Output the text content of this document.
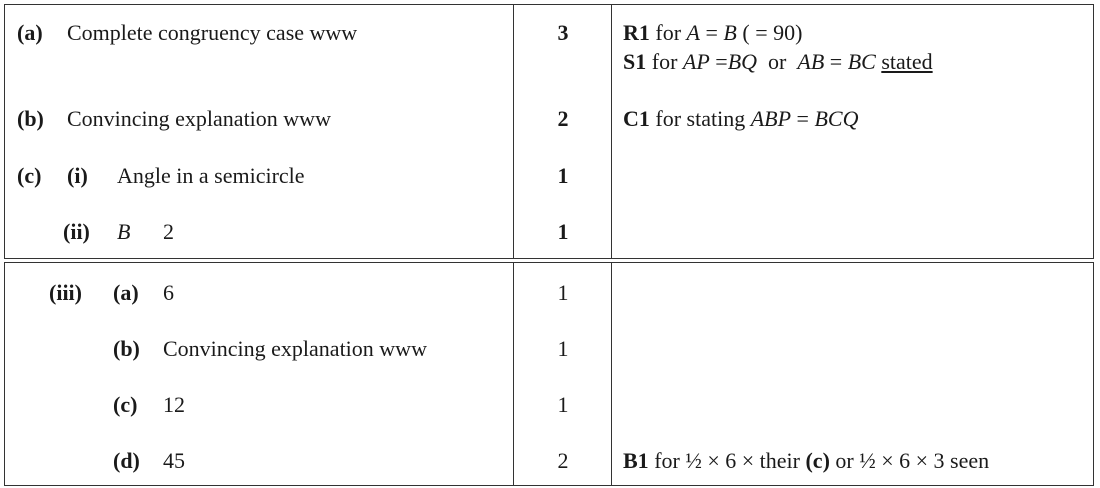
(a) Complete congruency case www	3	R1 for A = B ( = 90)
S1 for AP =BQ  or  AB = BC stated
(b) Convincing explanation www	2	C1 for stating ABP = BCQ
(c) (i) Angle in a semicircle	1
(ii) B 2	1
(iii) (a) 6	1
(b) Convincing explanation www	1
(c) 12	1
(d) 45	2	B1 for ½ × 6 × their (c) or ½ × 6 × 3 seen
